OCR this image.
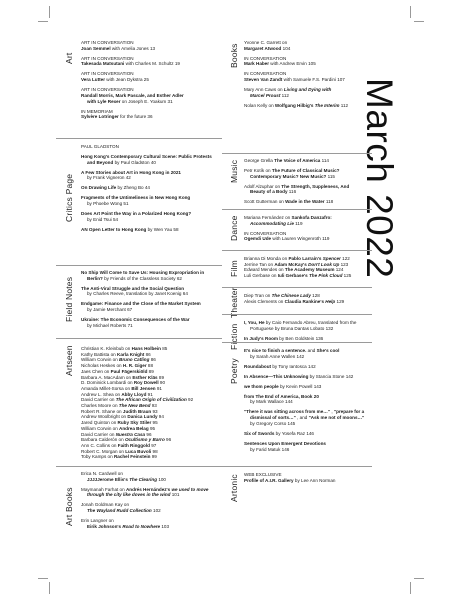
March 2022
Art
ART IN CONVERSATION
Joan Semmel with Amelia Jones 13
ART IN CONVERSATION
Takesada Matsutani with Charles M. Schultz 19
ART IN CONVERSATION
Vera Lutter with Jean Dykstra 25
ART IN CONVERSATION
Randall Morris, Mark Pascale, and Esther Adler
with Lyle Rexer on Joseph E. Yoakum 31
IN MEMORIAM
Sylvère Lotringer for the future 36
Critics Page
PAUL GLADSTON
Hong Kong's Contemporary Cultural Scene: Public Protests
and Beyond by Paul Gladston 40
A Few Stories about Art in Hong Kong in 2021
by Frank Vigneron 42
On Drawing Life by Zheng Bo 44
Fragments of the Untimeliness in New Hong Kong
by Phoebe Wong 51
Does Art Point the Way in a Polarized Hong Kong?
by Enid Tsui 54
AN Open Letter to Hong Kong by Wen Yau 58
Field Notes
No Ship Will Come to Save Us: Housing Expropriation in
Berlin? by Friends of the Classless Society 62
The Anti-Viral Struggle and the Social Question
by Charles Reeve, translation by Janet Koenig 64
Endgame: Finance and the Close of the Market System
by Jamie Merchant 67
Ukraine: The Economic Consequences of the War
by Michael Roberts 71
Artseen Christian K. Kleinbub on Hans Holbein 85
Kathy Battista on Karla Knight 86
William Corwin on Bruno Catling 86
Nicholas Heskes on H. R. Giger 88
Jaes Chen on Paul Fägerskiöld 89
Barbara A. MacAdam on Esther Kläs 89
D. Dominick Lombardi on Roy Dowell 90
Amanda Millet-Sorsa on Bill Jensen 91
Andrew L. Shea on Abby Lloyd 91
David Carrier on The African Origin of Civilization 92
Charles Moore on The New Bend 93
Robert R. Shane on Judith Braun 93
Andrew Woolbright on Danica Lundy 94
Jared Quinton on Ruby Sky Stiler 95
William Corwin on Andrea Belag 95
David Carrier on Nuestra Casa 96
Barbara Calderón on Ocultismo y Barro 96
Ann C. Collins on Faith Ringgold 97
Robert C. Morgan on Luca Buvoli 98
Toby Kamps on Rachel Feinstein 99
Art Books
Erica N. Cardwell on
JJJJJerome Ellis's The Clearing 100
Maymanah Farhat on Andrés Hernández's we used to move
through the city like doves in the wind 101
Jonah Goldman Kay on
The Wayland Rudd Collection 102
Erin Langner on
Eirik Johnson's Road to Nowhere 103
Books
Yvonne C. Garrett on
Margaret Atwood 104
IN CONVERSATION
Mark Haber with Andrew Ervin 105
IN CONVERSATION
Steven Van Zandt with Samuele F.S. Pardini 107
Mary Ann Caws on Living and Dying with
Marcel Proust 112
Nolan Kelly on Wolfgang Hilbig's The Interim 112
Music George Grella The Voice of America 114
Petr Kotík on The Future of Classical Music?
Contemporary Music? New Music? 115
Adolf Alzuphar on The Strength, Suppleness, And
Beauty of a Body 116
Scott Gutterman on Wade in the Water 118
Dance Mariana Fernández on Sankofa Danzafro:
Accommodating Lie 119
IN CONVERSATION
Ogemdi Ude with Lauren Wingenroth 119
Film
Brianna Di Monda on Pablo Larraín's Spencer 122
Jerrine Tan on Adam McKay's Don't Look Up 123
Edward Mendes on The Academy Museum 124
Luli Gerbase on Iuli Gerbase's The Pink Cloud 125
Theater Diep Tran on The Chinese Lady 128
Alexis Clements on Claudia Rankine's Help 129
Fiction
I, You, He by Caio Fernando Abreu, translated from the
Portuguese by Bruna Dantas Lobato 132
In Judy's Room by Ben Goldstein 136
Poetry
It's nice to finish a sentence. and She's cool
by Sarah Anne Wallen 142
Roundabout by Tony Iantosca 142
In Absence—This Unknowing by Stancia Stone 142
we thom people by Kevin Powell 143
from The End of America, Book 20
by Mark Wallace 144
"There it was sitting across from me…" , "prepare for a
dismissal of sorts…" , and "Ask me not of moons…"
by Gregory Corso 145
Six of Swords by Yosefa Raz 146
Sentences Upon Emergent Devotions
by Farid Matuk 146
Artonic WEB EXCLUSIVE
Profile of A.I.R. Gallery by Lee Ann Norman
